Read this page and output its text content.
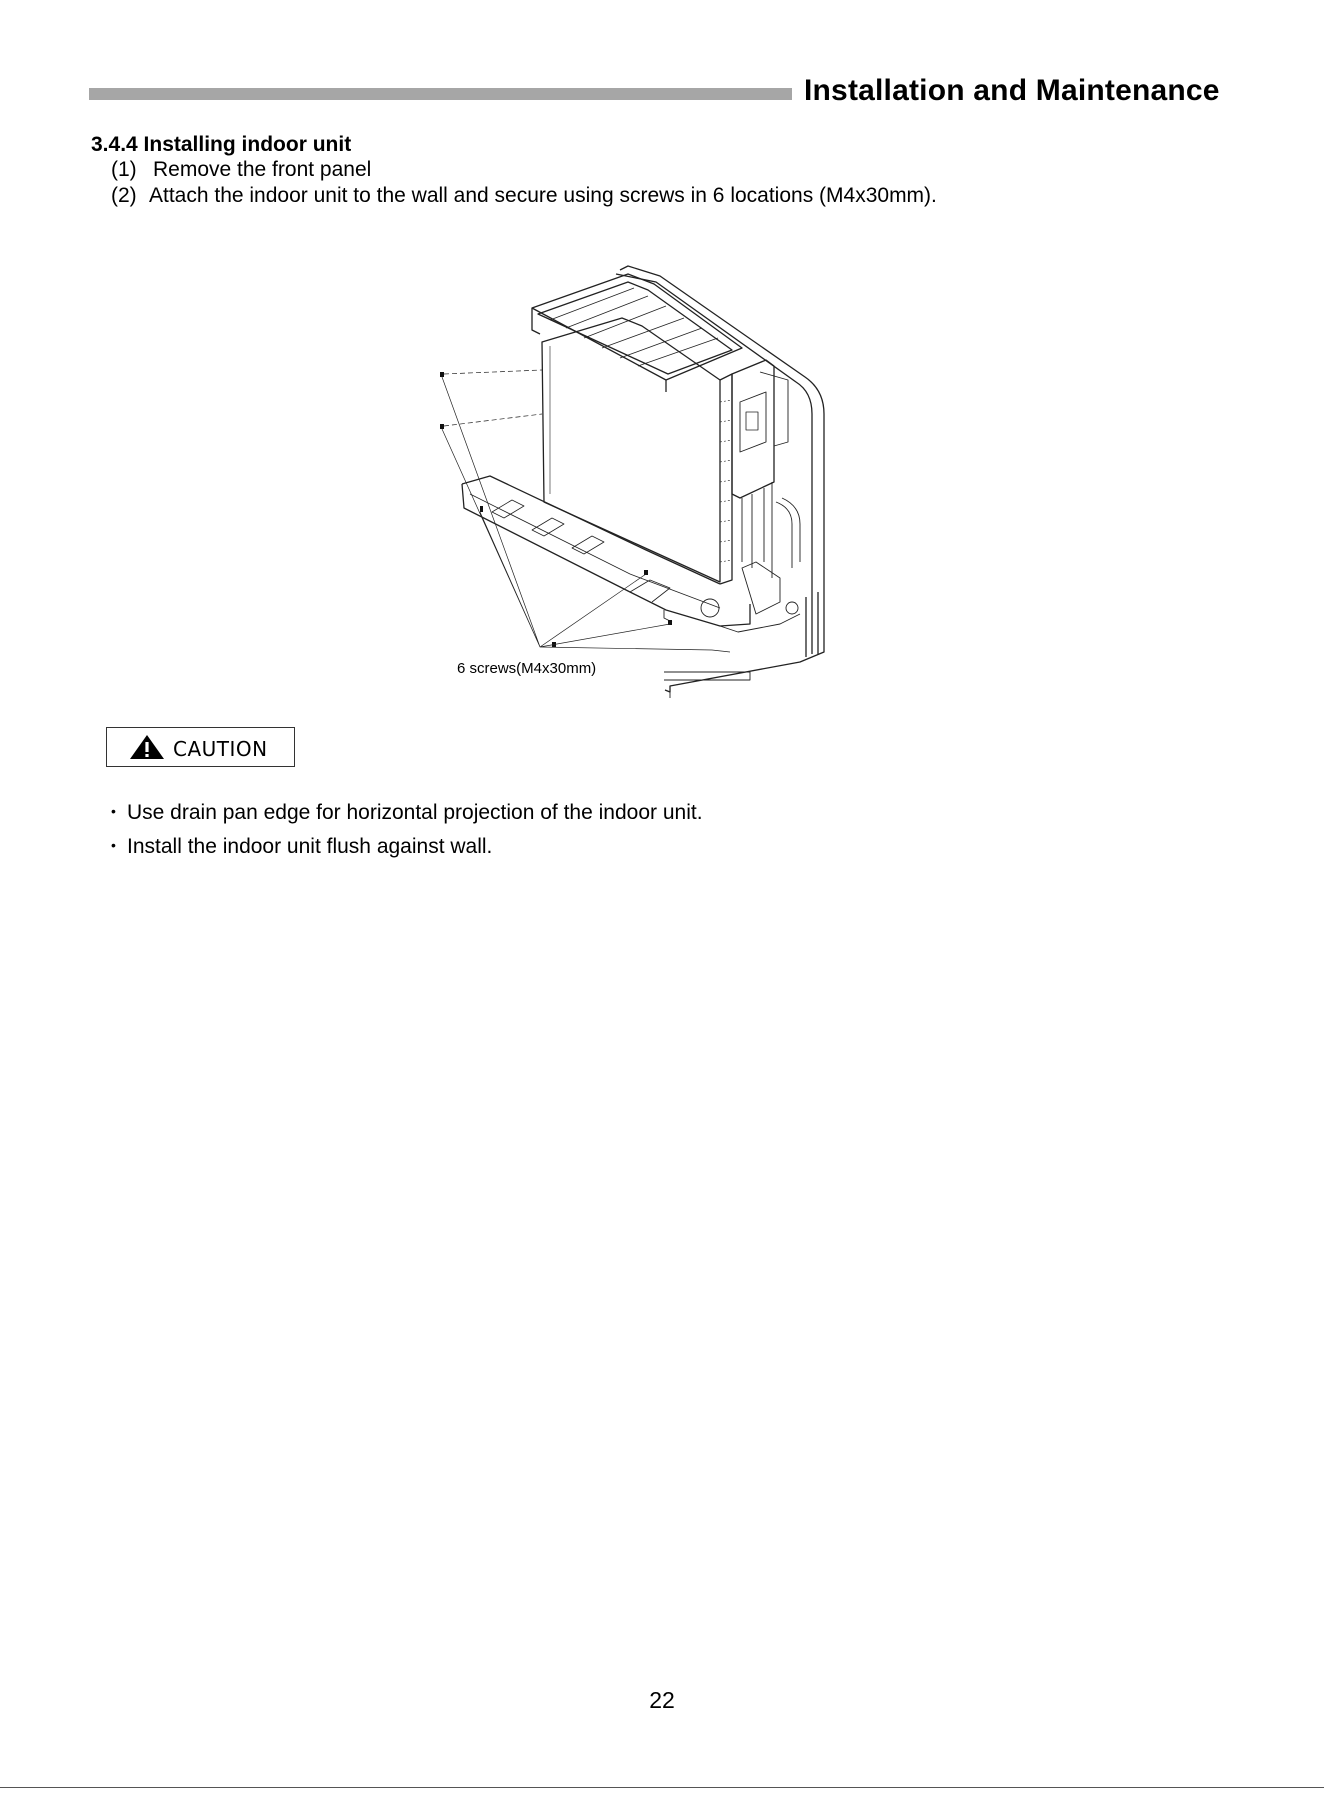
Installation and Maintenance
3.4.4 Installing indoor unit
(1) Remove the front panel
(2) Attach the indoor unit to the wall and secure using screws in 6 locations (M4x30mm).
6 screws(M4x30mm)
CAUTION
• Use drain pan edge for horizontal projection of the indoor unit.
• Install the indoor unit flush against wall.
22
